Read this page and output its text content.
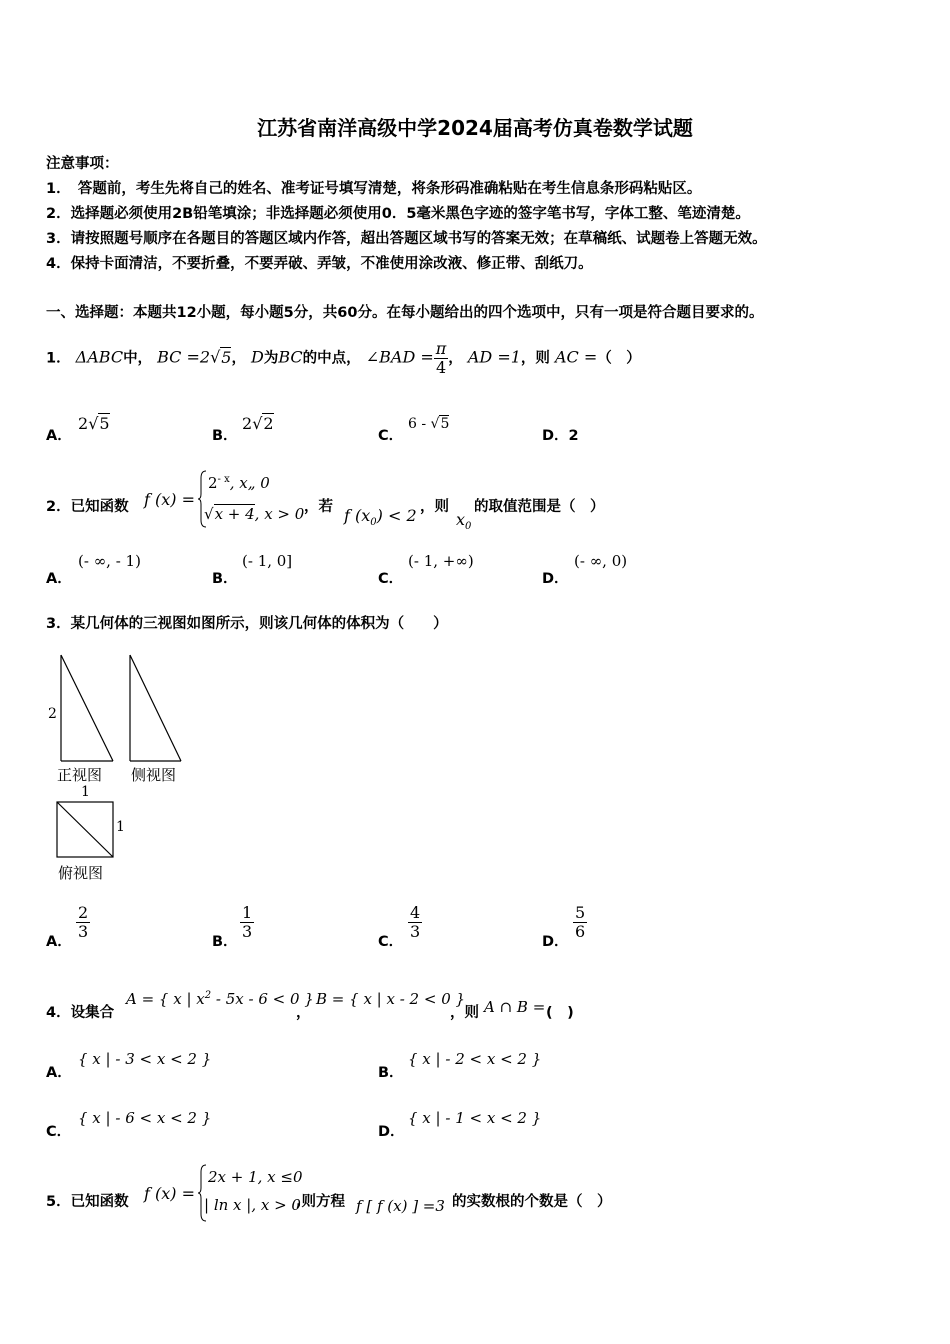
江苏省南洋高级中学2024届高考仿真卷数学试题
注意事项：
1．　答题前，考生先将自己的姓名、准考证号填写清楚，将条形码准确粘贴在考生信息条形码粘贴区。
2．选择题必须使用2B铅笔填涂；非选择题必须使用0．5毫米黑色字迹的签字笔书写，字体工整、笔迹清楚。
3．请按照题号顺序在各题目的答题区域内作答，超出答题区域书写的答案无效；在草稿纸、试题卷上答题无效。
4．保持卡面清洁，不要折叠，不要弄破、弄皱，不准使用涂改液、修正带、刮纸刀。
一、选择题：本题共12小题，每小题5分，共60分。在每小题给出的四个选项中，只有一项是符合题目要求的。
1． ΔABC中， BC =2√5， D为BC的中点， ∠BAD = $\frac{\pi}{4}$ ， AD =1，则 AC =（　）
A．
2√5
B．
2√2
C．
6 - √5
D．2
2．已知函数 f (x) =
$2^{- x}$, x„ 0
√x + 4, x > 0 ，若 f $(x_0) < 2$ ，则
$x_0$
的取值范围是（　）
A．
(- ∞, - 1)
B．
(- 1, 0]
C．
(- 1, +∞)
D．
(- ∞, 0)
3．某几何体的三视图如图所示，则该几何体的体积为（　　）
2
正视图 侧视图
1
1
俯视图
A．
$\frac{2}{3}$
B．
$\frac{1}{3}$
C．
$\frac{4}{3}$
D．
$\frac{5}{6}$
4．设集合
A = { x | $x^2 - 5x - 6 < 0$ }
，
B = { x | x - 2 < 0 }
，则 A ∩ B = (　)
A．
{ x | - 3 < x < 2 }
B．
{ x | - 2 < x < 2 }
C．
{ x | - 6 < x < 2 }
D．
{ x | - 1 < x < 2 }
5．已知函数 f (x) =
2x + 1, x ≤0
| ln x |, x > 0
,则方程 f [ f (x) ] =3 的实数根的个数是（　）
